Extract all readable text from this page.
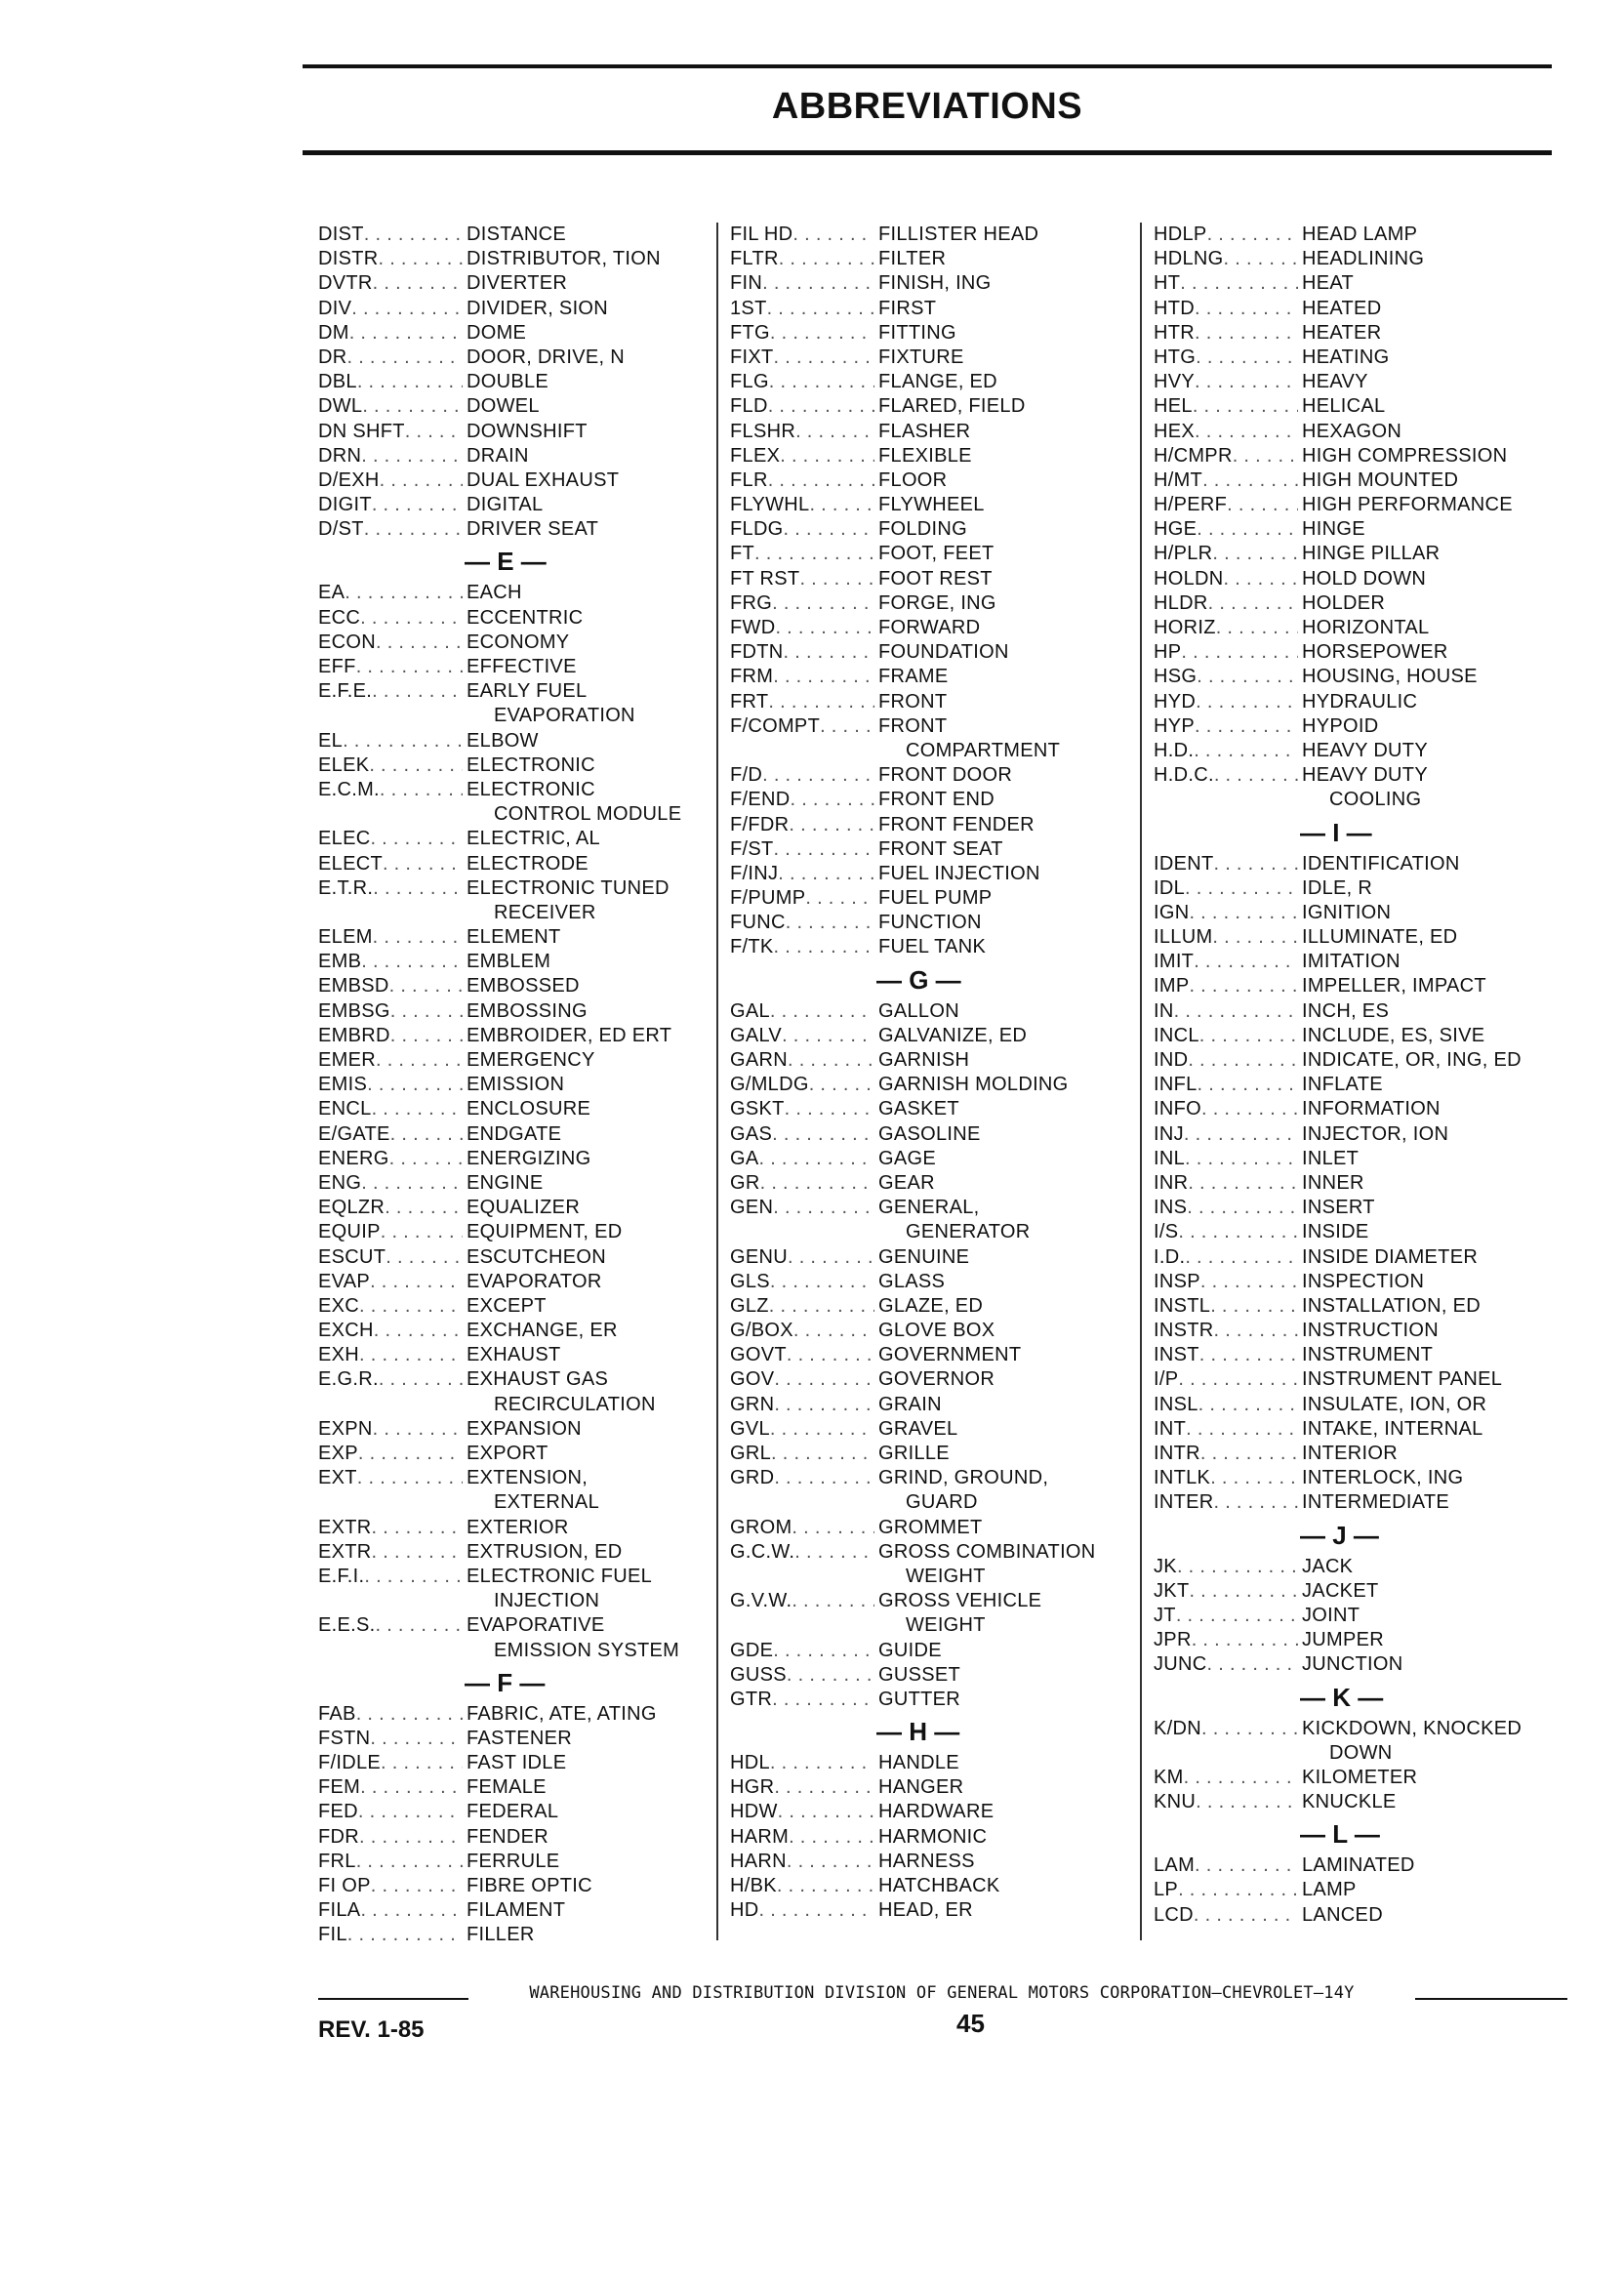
ABBREVIATIONS
DIST . . .	DISTANCE
DISTR . . .	DISTRIBUTOR, TION
DVTR . . .	DIVERTER
DIV . . .	DIVIDER, SION
DM . . .	DOME
DR . . .	DOOR, DRIVE, N
DBL . . .	DOUBLE
DWL . . .	DOWEL
DN SHFT . . .	DOWNSHIFT
DRN . . .	DRAIN
D/EXH . . .	DUAL EXHAUST
DIGIT . . .	DIGITAL
D/ST . . .	DRIVER SEAT
— E —
EA . . .	EACH
ECC . . .	ECCENTRIC
ECON . . .	ECONOMY
EFF . . .	EFFECTIVE
E.F.E. . . .	EARLY FUEL
EVAPORATION
EL . . .	ELBOW
ELEK . . .	ELECTRONIC
E.C.M. . . .	ELECTRONIC
CONTROL MODULE
ELEC . . .	ELECTRIC, AL
ELECT . . .	ELECTRODE
E.T.R. . . .	ELECTRONIC TUNED
RECEIVER
ELEM . . .	ELEMENT
EMB . . .	EMBLEM
EMBSD . . .	EMBOSSED
EMBSG . . .	EMBOSSING
EMBRD . . .	EMBROIDER, ED ERT
EMER . . .	EMERGENCY
EMIS . . .	EMISSION
ENCL . . .	ENCLOSURE
E/GATE . . .	ENDGATE
ENERG . . .	ENERGIZING
ENG . . .	ENGINE
EQLZR . . .	EQUALIZER
EQUIP . . .	EQUIPMENT, ED
ESCUT . . .	ESCUTCHEON
EVAP . . .	EVAPORATOR
EXC . . .	EXCEPT
EXCH . . .	EXCHANGE, ER
EXH . . .	EXHAUST
E.G.R. . . .	EXHAUST GAS
RECIRCULATION
EXPN . . .	EXPANSION
EXP . . .	EXPORT
EXT . . .	EXTENSION,
EXTERNAL
EXTR . . .	EXTERIOR
EXTR . . .	EXTRUSION, ED
E.F.I. . . .	ELECTRONIC FUEL
INJECTION
E.E.S. . . .	EVAPORATIVE
EMISSION SYSTEM
— F —
FAB . . .	FABRIC, ATE, ATING
FSTN . . .	FASTENER
F/IDLE . . .	FAST IDLE
FEM . . .	FEMALE
FED . . .	FEDERAL
FDR . . .	FENDER
FRL . . .	FERRULE
FI OP . . .	FIBRE OPTIC
FILA . . .	FILAMENT
FIL . . .	FILLER
FIL HD . . .	FILLISTER HEAD
FLTR . . .	FILTER
FIN . . .	FINISH, ING
1ST . . .	FIRST
FTG . . .	FITTING
FIXT . . .	FIXTURE
FLG . . .	FLANGE, ED
FLD . . .	FLARED, FIELD
FLSHR . . .	FLASHER
FLEX . . .	FLEXIBLE
FLR . . .	FLOOR
FLYWHL . . .	FLYWHEEL
FLDG . . .	FOLDING
FT . . .	FOOT, FEET
FT RST . . .	FOOT REST
FRG . . .	FORGE, ING
FWD . . .	FORWARD
FDTN . . .	FOUNDATION
FRM . . .	FRAME
FRT . . .	FRONT
F/COMPT . . .	FRONT
COMPARTMENT
F/D . . .	FRONT DOOR
F/END . . .	FRONT END
F/FDR . . .	FRONT FENDER
F/ST . . .	FRONT SEAT
F/INJ . . .	FUEL INJECTION
F/PUMP . . .	FUEL PUMP
FUNC . . .	FUNCTION
F/TK . . .	FUEL TANK
— G —
GAL . . .	GALLON
GALV . . .	GALVANIZE, ED
GARN . . .	GARNISH
G/MLDG . . .	GARNISH MOLDING
GSKT . . .	GASKET
GAS . . .	GASOLINE
GA . . .	GAGE
GR . . .	GEAR
GEN . . .	GENERAL,
GENERATOR
GENU . . .	GENUINE
GLS . . .	GLASS
GLZ . . .	GLAZE, ED
G/BOX . . .	GLOVE BOX
GOVT . . .	GOVERNMENT
GOV . . .	GOVERNOR
GRN . . .	GRAIN
GVL . . .	GRAVEL
GRL . . .	GRILLE
GRD . . .	GRIND, GROUND,
GUARD
GROM . . .	GROMMET
G.C.W. . . .	GROSS COMBINATION
WEIGHT
G.V.W. . . .	GROSS VEHICLE
WEIGHT
GDE . . .	GUIDE
GUSS . . .	GUSSET
GTR . . .	GUTTER
— H —
HDL . . .	HANDLE
HGR . . .	HANGER
HDW . . .	HARDWARE
HARM . . .	HARMONIC
HARN . . .	HARNESS
H/BK . . .	HATCHBACK
HD . . .	HEAD, ER
HDLP . . .	HEAD LAMP
HDLNG . . .	HEADLINING
HT . . .	HEAT
HTD . . .	HEATED
HTR . . .	HEATER
HTG . . .	HEATING
HVY . . .	HEAVY
HEL . . .	HELICAL
HEX . . .	HEXAGON
H/CMPR . . .	HIGH COMPRESSION
H/MT . . .	HIGH MOUNTED
H/PERF . . .	HIGH PERFORMANCE
HGE . . .	HINGE
H/PLR . . .	HINGE PILLAR
HOLDN . . .	HOLD DOWN
HLDR . . .	HOLDER
HORIZ . . .	HORIZONTAL
HP . . .	HORSEPOWER
HSG . . .	HOUSING, HOUSE
HYD . . .	HYDRAULIC
HYP . . .	HYPOID
H.D. . . .	HEAVY DUTY
H.D.C. . . .	HEAVY DUTY
COOLING
— I —
IDENT . . .	IDENTIFICATION
IDL . . .	IDLE, R
IGN . . .	IGNITION
ILLUM . . .	ILLUMINATE, ED
IMIT . . .	IMITATION
IMP . . .	IMPELLER, IMPACT
IN . . .	INCH, ES
INCL . . .	INCLUDE, ES, SIVE
IND . . .	INDICATE, OR, ING, ED
INFL . . .	INFLATE
INFO . . .	INFORMATION
INJ . . .	INJECTOR, ION
INL . . .	INLET
INR . . .	INNER
INS . . .	INSERT
I/S . . .	INSIDE
I.D. . . .	INSIDE DIAMETER
INSP . . .	INSPECTION
INSTL . . .	INSTALLATION, ED
INSTR . . .	INSTRUCTION
INST . . .	INSTRUMENT
I/P . . .	INSTRUMENT PANEL
INSL . . .	INSULATE, ION, OR
INT . . .	INTAKE, INTERNAL
INTR . . .	INTERIOR
INTLK . . .	INTERLOCK, ING
INTER . . .	INTERMEDIATE
— J —
JK . . .	JACK
JKT . . .	JACKET
JT . . .	JOINT
JPR . . .	JUMPER
JUNC . . .	JUNCTION
— K —
K/DN . . .	KICKDOWN, KNOCKED
DOWN
KM . . .	KILOMETER
KNU . . .	KNUCKLE
— L —
LAM . . .	LAMINATED
LP . . .	LAMP
LCD . . .	LANCED
WAREHOUSING AND DISTRIBUTION DIVISION OF GENERAL MOTORS CORPORATION—CHEVROLET—14Y
REV. 1-85	45
